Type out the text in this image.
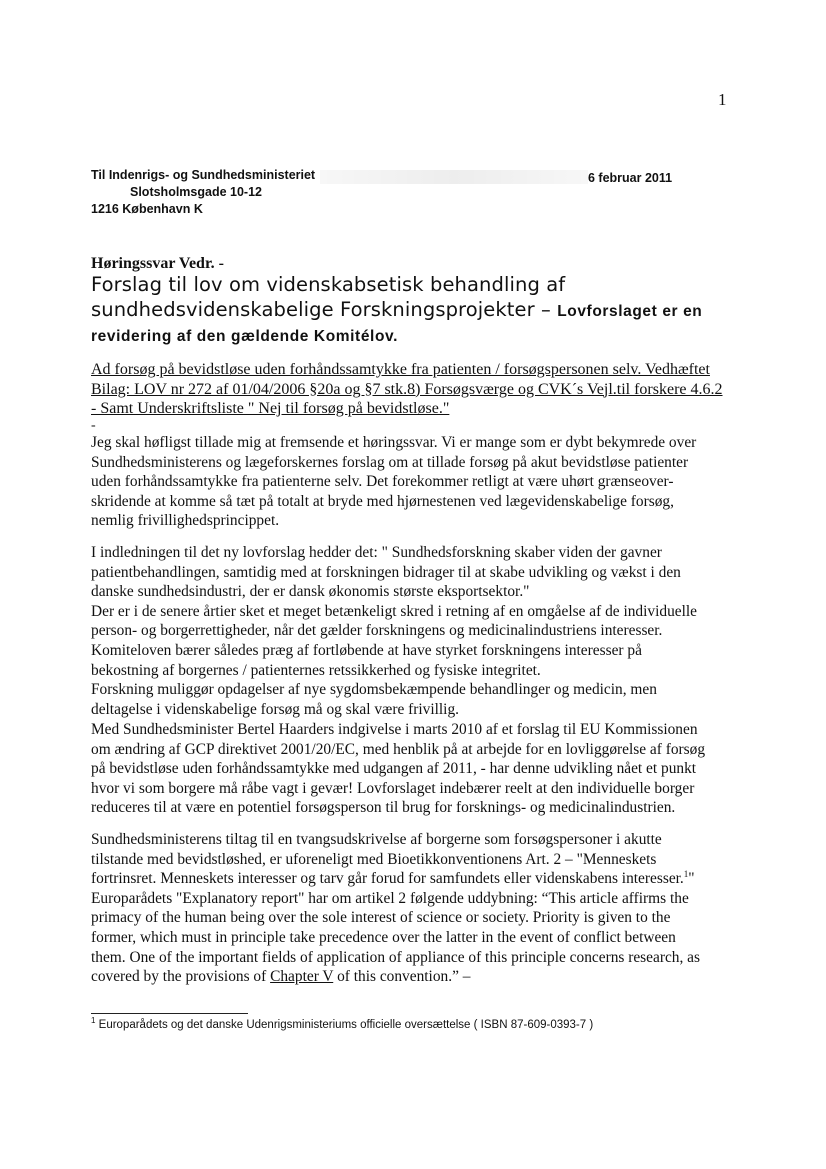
1
Til Indenrigs- og Sundhedsministeriet	6 februar 2011
Slotsholmsgade 10-12
1216 København K
Høringssvar Vedr. -
Forslag til lov om videnskabsetisk behandling af
sundhedsvidenskabelige Forskningsprojekter – Lovforslaget er en
revidering af den gældende Komitélov.
Ad forsøg på bevidstløse uden forhåndssamtykke fra patienten / forsøgspersonen selv. Vedhæftet
Bilag: LOV nr 272 af 01/04/2006 §20a og §7 stk.8) Forsøgsværge og CVK´s Vejl.til forskere 4.6.2
- Samt Underskriftsliste " Nej til forsøg på bevidstløse."
-
Jeg skal høfligst tillade mig at fremsende et høringssvar. Vi er mange som er dybt bekymrede over
Sundhedsministerens og lægeforskernes forslag om at tillade forsøg på akut bevidstløse patienter
uden forhåndssamtykke fra patienterne selv. Det forekommer retligt at være uhørt grænseover-
skridende at komme så tæt på totalt at bryde med hjørnestenen ved lægevidenskabelige forsøg,
nemlig frivillighedsprincippet.
I indledningen til det ny lovforslag hedder det: " Sundhedsforskning skaber viden der gavner
patientbehandlingen, samtidig med at forskningen bidrager til at skabe udvikling og vækst i den
danske sundhedsindustri, der er dansk økonomis største eksportsektor."
Der er i de senere årtier sket et meget betænkeligt skred i retning af en omgåelse af de individuelle
person- og borgerrettigheder, når det gælder forskningens og medicinalindustriens interesser.
Komiteloven bærer således præg af fortløbende at have styrket forskningens interesser på
bekostning af borgernes / patienternes retssikkerhed og fysiske integritet.
Forskning muliggør opdagelser af nye sygdomsbekæmpende behandlinger og medicin, men
deltagelse i videnskabelige forsøg må og skal være frivillig.
Med Sundhedsminister Bertel Haarders indgivelse i marts 2010 af et forslag til EU Kommissionen
om ændring af GCP direktivet 2001/20/EC, med henblik på at arbejde for en lovliggørelse af forsøg
på bevidstløse uden forhåndssamtykke med udgangen af 2011, - har denne udvikling nået et punkt
hvor vi som borgere må råbe vagt i gevær! Lovforslaget indebærer reelt at den individuelle borger
reduceres til at være en potentiel forsøgsperson til brug for forsknings- og medicinalindustrien.
Sundhedsministerens tiltag til en tvangsudskrivelse af borgerne som forsøgspersoner i akutte
tilstande med bevidstløshed, er uforeneligt med Bioetikkonventionens Art. 2 – "Menneskets
fortrinsret. Menneskets interesser og tarv går forud for samfundets eller videnskabens interesser.$^1$"
Europarådets "Explanatory report" har om artikel 2 følgende uddybning: “This article affirms the
primacy of the human being over the sole interest of science or society. Priority is given to the
former, which must in principle take precedence over the latter in the event of conflict between
them. One of the important fields of application of appliance of this principle concerns research, as
covered by the provisions of Chapter V of this convention.” –
$^1$ Europarådets og det danske Udenrigsministeriums officielle oversættelse ( ISBN 87-609-0393-7 )
